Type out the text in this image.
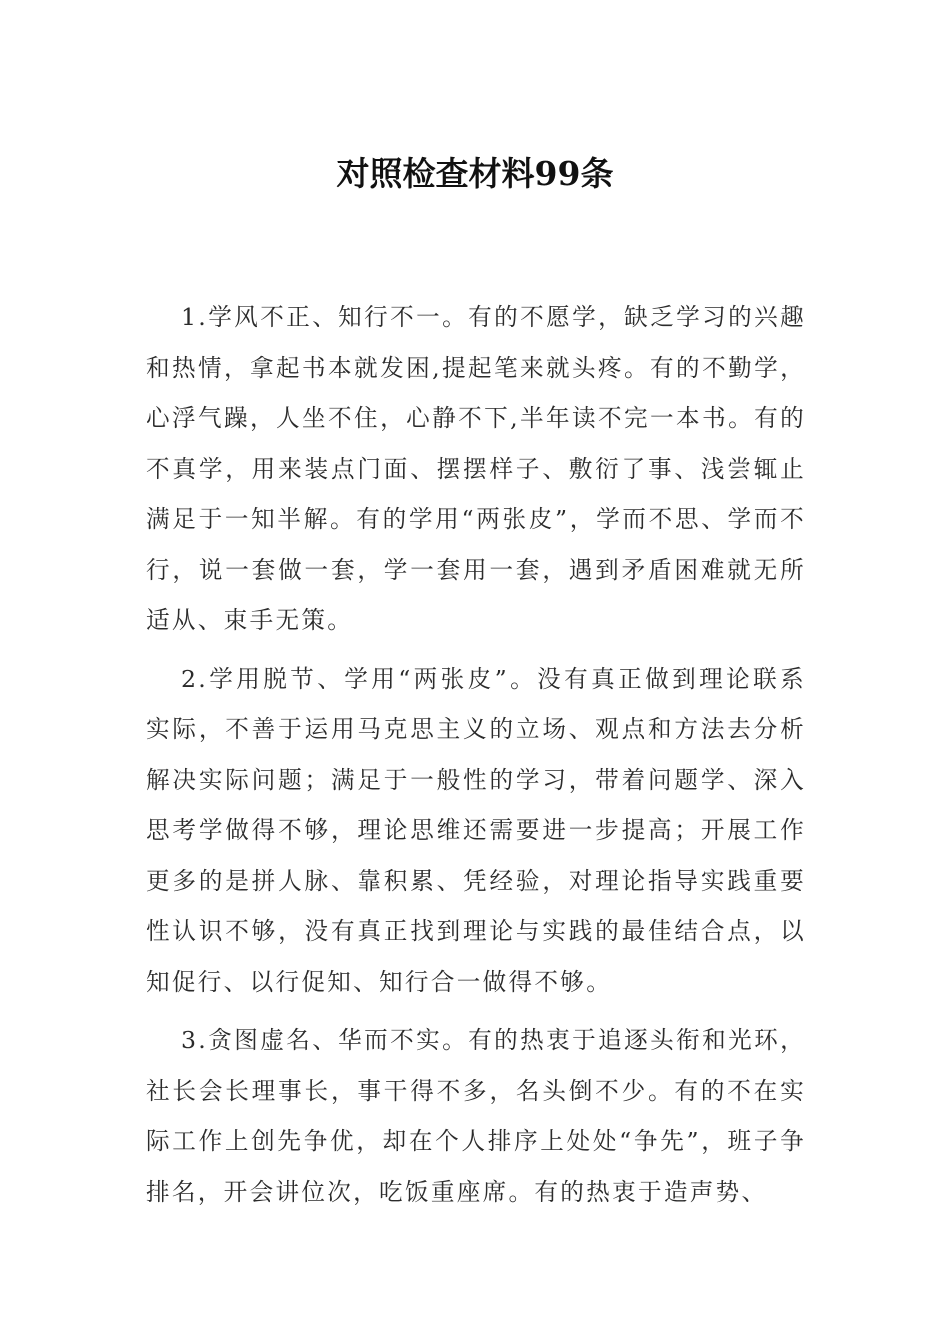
对照检查材料99条

1.学风不正、知行不一。有的不愿学，缺乏学习的兴趣和热情，拿起书本就发困,提起笔来就头疼。有的不勤学，心浮气躁，人坐不住，心静不下,半年读不完一本书。有的不真学，用来装点门面、摆摆样子、敷衍了事、浅尝辄止满足于一知半解。有的学用“两张皮”，学而不思、学而不行，说一套做一套，学一套用一套，遇到矛盾困难就无所适从、束手无策。

2.学用脱节、学用“两张皮”。没有真正做到理论联系实际，不善于运用马克思主义的立场、观点和方法去分析解决实际问题；满足于一般性的学习，带着问题学、深入思考学做得不够，理论思维还需要进一步提高；开展工作更多的是拼人脉、靠积累、凭经验，对理论指导实践重要性认识不够，没有真正找到理论与实践的最佳结合点，以知促行、以行促知、知行合一做得不够。

3.贪图虚名、华而不实。有的热衷于追逐头衔和光环，社长会长理事长，事干得不多，名头倒不少。有的不在实际工作上创先争优，却在个人排序上处处“争先”，班子争排名，开会讲位次，吃饭重座席。有的热衷于造声势、
